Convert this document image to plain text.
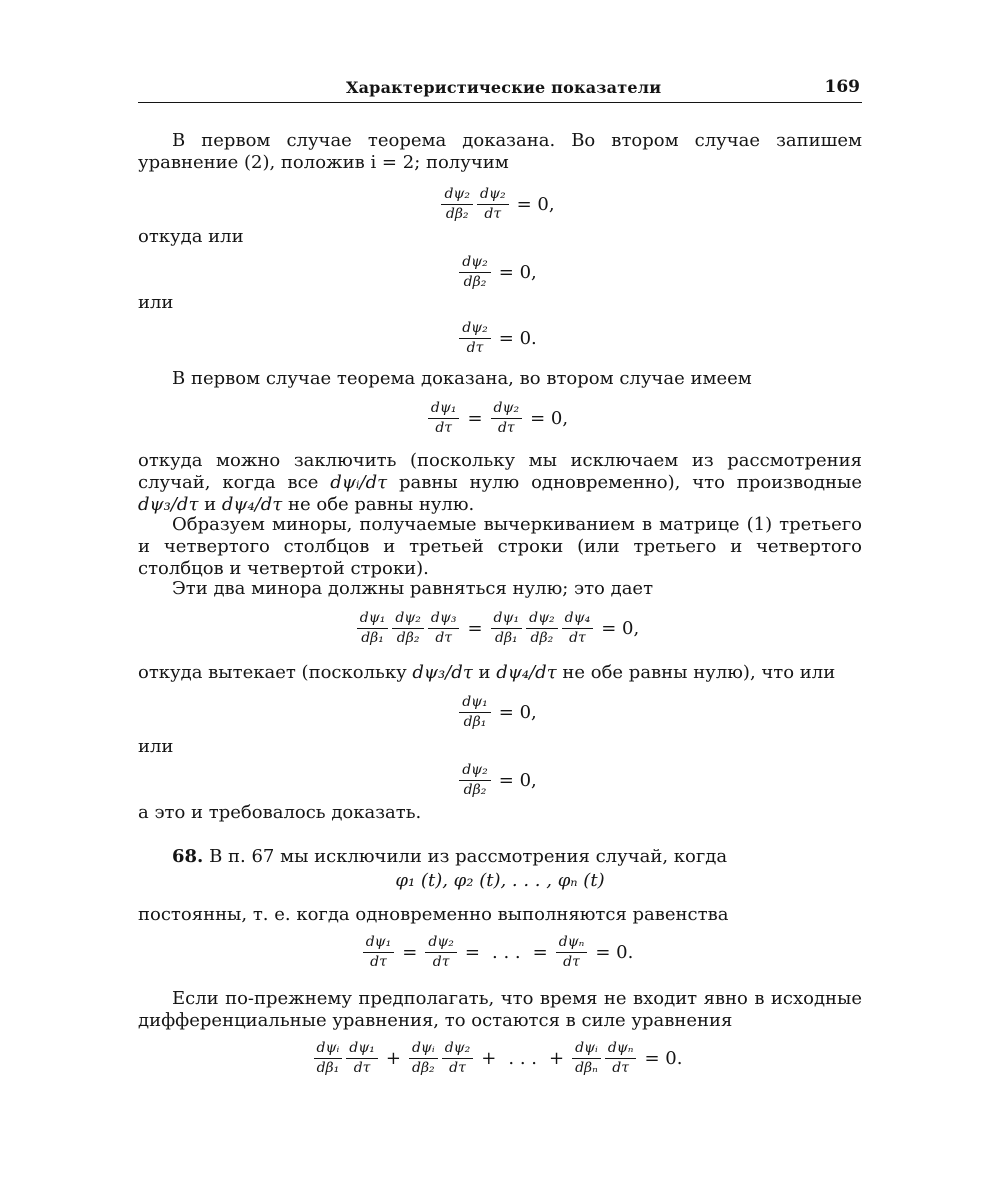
Характеристические показатели	169

В первом случае теорема доказана. Во втором случае запишем уравнение (2), положив i = 2; получим

$\frac{\text{dψ₂}}{\text{dβ₂}} \frac{\text{dψ₂}}{d\tau} = 0$,

откуда или

$\frac{\text{dψ₂}}{\text{dβ₂}} = 0$,

или

$\frac{\text{dψ₂}}{d\tau} = 0$.

В первом случае теорема доказана, во втором случае имеем

$\frac{\text{dψ₁}}{d\tau} = \frac{\text{dψ₂}}{d\tau} = 0$,

откуда можно заключить (поскольку мы исключаем из рассмотрения случай, когда все dψᵢ/dτ равны нулю одновременно), что производные dψ₃/dτ и dψ₄/dτ не обе равны нулю.

Образуем миноры, получаемые вычеркиванием в матрице (1) третьего и четвертого столбцов и третьей строки (или третьего и четвертого столбцов и четвертой строки).

Эти два минора должны равняться нулю; это дает

$\frac{\text{dψ₁}}{\text{dβ₁}} \frac{\text{dψ₂}}{\text{dβ₂}} \frac{\text{dψ₃}}{d\tau} = \frac{\text{dψ₁}}{\text{dβ₁}} \frac{\text{dψ₂}}{\text{dβ₂}} \frac{\text{dψ₄}}{d\tau} = 0$,

откуда вытекает (поскольку dψ₃/dτ и dψ₄/dτ не обе равны нулю), что или

$\frac{\text{dψ₁}}{\text{dβ₁}} = 0$,

или

$\frac{\text{dψ₂}}{\text{dβ₂}} = 0$,

а это и требовалось доказать.

68. В п. 67 мы исключили из рассмотрения случай, когда

φ₁ (t), φ₂ (t), . . . , φₙ (t)

постоянны, т. е. когда одновременно выполняются равенства

$\frac{\text{dψ₁}}{d\tau} = \frac{\text{dψ₂}}{d\tau}$ = . . . = $\frac{\text{dψₙ}}{d\tau} = 0$.

Если по-прежнему предполагать, что время не входит явно в исходные дифференциальные уравнения, то остаются в силе уравнения

$\frac{\text{dψᵢ}}{\text{dβ₁}} \frac{\text{dψ₁}}{d\tau} + \frac{\text{dψᵢ}}{\text{dβ₂}} \frac{\text{dψ₂}}{d\tau}$ + . . . + $\frac{\text{dψᵢ}}{\text{dβₙ}} \frac{\text{dψₙ}}{d\tau} = 0$.
